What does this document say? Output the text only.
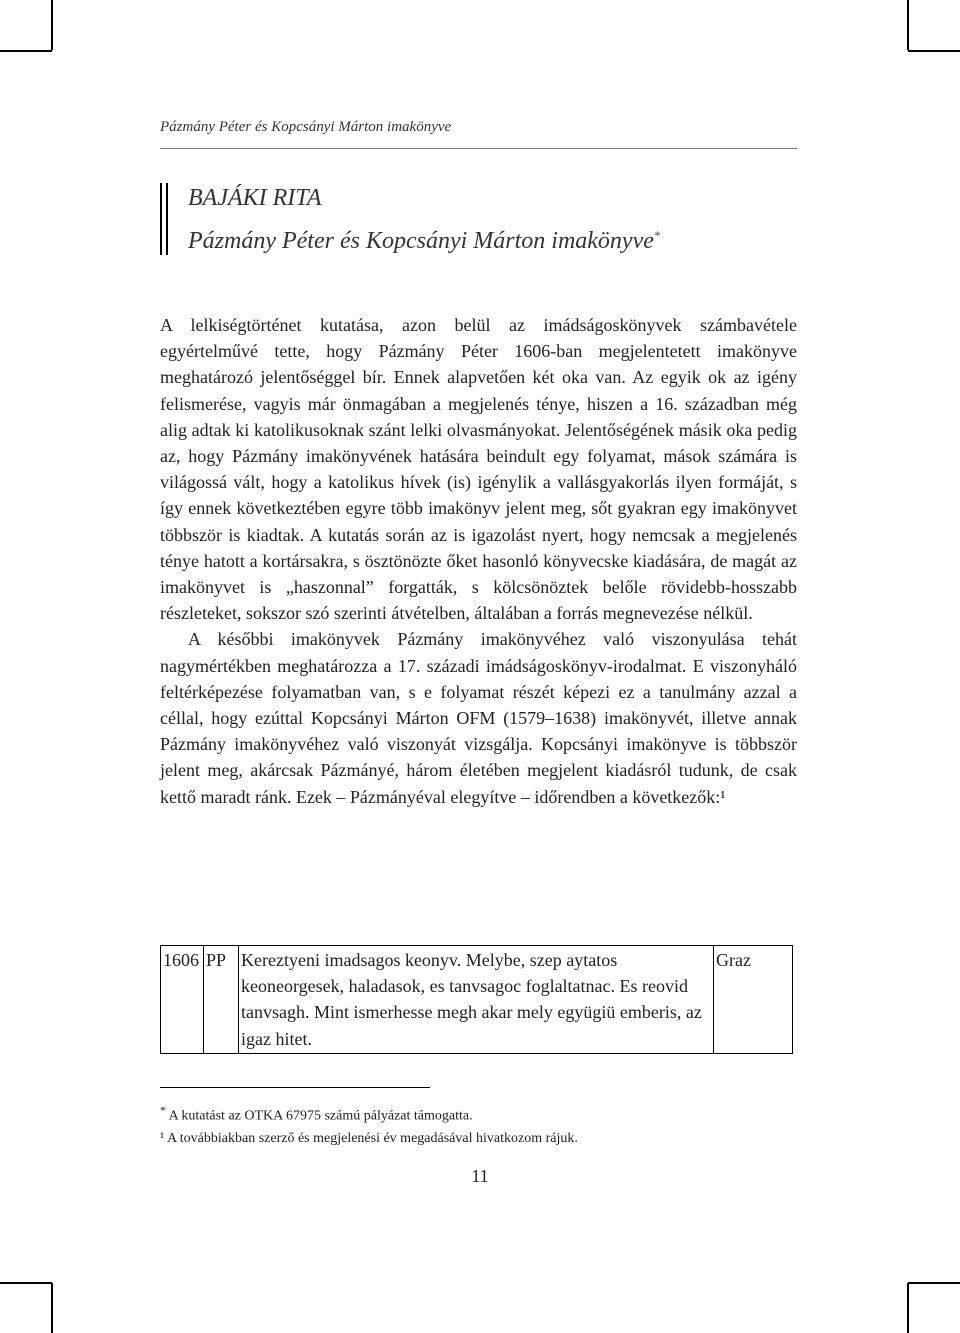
Pázmány Péter és Kopcsányi Márton imakönyve
BAJÁKI RITA
Pázmány Péter és Kopcsányi Márton imakönyve*

A lelkiségtörténet kutatása, azon belül az imádságoskönyvek számbavétele egyértelművé tette, hogy Pázmány Péter 1606-ban megjelentetett imakönyve meghatározó jelentőséggel bír. Ennek alapvetően két oka van. Az egyik ok az igény felismerése, vagyis már önmagában a megjelenés ténye, hiszen a 16. században még alig adtak ki katolikusoknak szánt lelki olvasmányokat. Jelentőségének másik oka pedig az, hogy Pázmány imakönyvének hatására beindult egy folyamat, mások számára is világossá vált, hogy a katolikus hívek (is) igénylik a vallásgyakorlás ilyen formáját, s így ennek következtében egyre több imakönyv jelent meg, sőt gyakran egy imakönyvet többször is kiadtak. A kutatás során az is igazolást nyert, hogy nemcsak a megjelenés ténye hatott a kortársakra, s ösztönözte őket hasonló könyvecske kiadására, de magát az imakönyvet is „haszonnal” forgatták, s kölcsönöztek belőle rövidebb-hosszabb részleteket, sokszor szó szerinti átvételben, általában a forrás megnevezése nélkül.

A későbbi imakönyvek Pázmány imakönyvéhez való viszonyulása tehát nagymértékben meghatározza a 17. századi imádságoskönyv-irodalmat. E viszonyháló feltérképezése folyamatban van, s e folyamat részét képezi ez a tanulmány azzal a céllal, hogy ezúttal Kopcsányi Márton OFM (1579–1638) imakönyvét, illetve annak Pázmány imakönyvéhez való viszonyát vizsgálja. Kopcsányi imakönyve is többször jelent meg, akárcsak Pázmányé, három életében megjelent kiadásról tudunk, de csak kettő maradt ránk. Ezek – Pázmányéval elegyítve – időrendben a következők:¹

1606	PP	Kereztyeni imadsagos keonyv. Melybe, szep aytatos keoneorgesek, haladasok, es tanvsagoc foglaltatnac. Es reovid tanvsagh. Mint ismerhesse megh akar mely együgiü emberis, az igaz hitet.	Graz
* A kutatást az OTKA 67975 számú pályázat támogatta.
¹ A továbbiakban szerző és megjelenési év megadásával hivatkozom rájuk.
11
